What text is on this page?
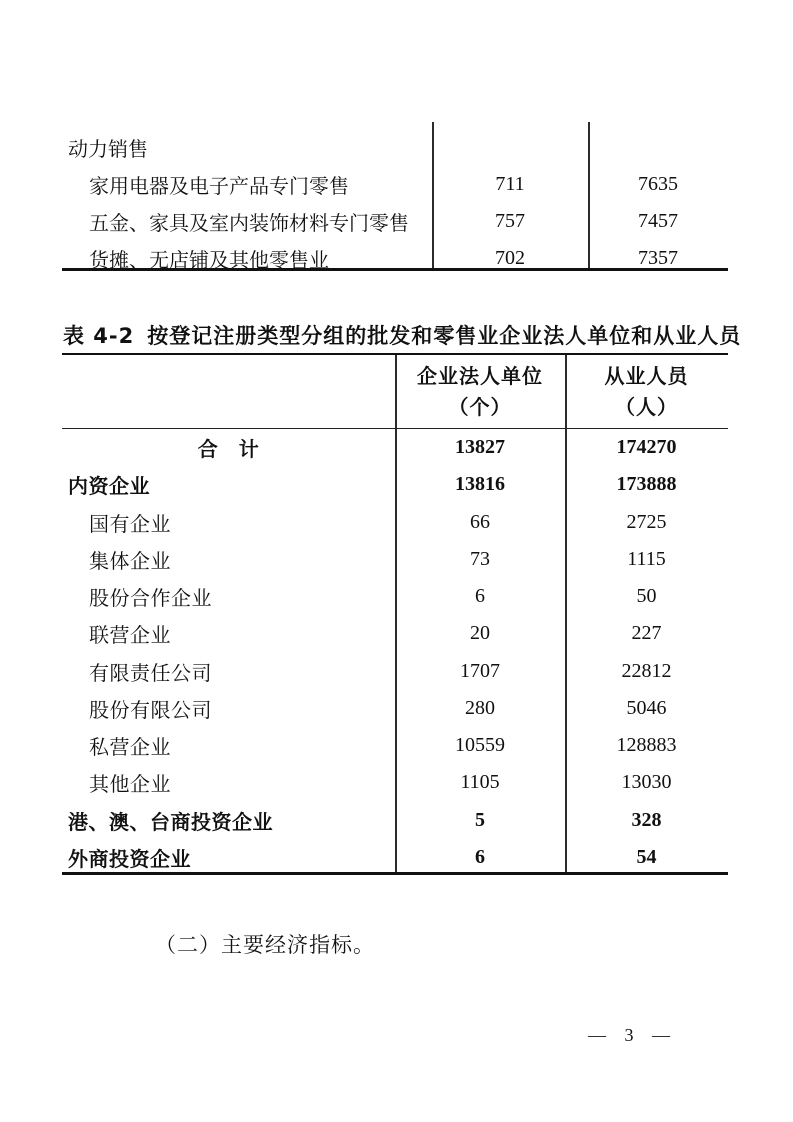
动力销售
家用电器及电子产品专门零售	711	7635
五金、家具及室内装饰材料专门零售	757	7457
货摊、无店铺及其他零售业	702	7357
表 4-2 按登记注册类型分组的批发和零售业企业法人单位和从业人员
企业法人单位
（个）
从业人员
（人）
合　计	13827	174270
内资企业	13816	173888
国有企业	66	2725
集体企业	73	1115
股份合作企业	6	50
联营企业	20	227
有限责任公司	1707	22812
股份有限公司	280	5046
私营企业	10559	128883
其他企业	1105	13030
港、澳、台商投资企业	5	328
外商投资企业	6	54
（二）主要经济指标。
— 3 —
